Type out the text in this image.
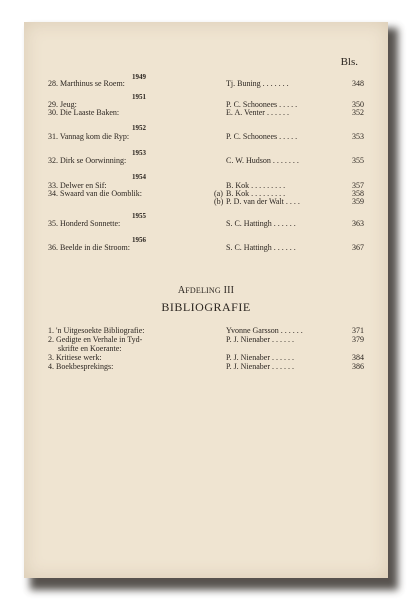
Bls.
1949
28. Marthinus se Roem:	Tj. Buning . . . . . . .	348
1951
29. Jeug:	P. C. Schoonees . . . . .	350
30. Die Laaste Baken:	E. A. Venter . . . . . .	352
1952
31. Vannag kom die Ryp:	P. C. Schoonees . . . . .	353
1953
32. Dirk se Oorwinning:	C. W. Hudson . . . . . . .	355
1954
33. Delwer en Sif:	B. Kok . . . . . . . . .	357
34. Swaard van die Oomblik:	(a) B. Kok . . . . . . . . .	358
(b) P. D. van der Walt . . . .	359
1955
35. Honderd Sonnette:	S. C. Hattingh . . . . . .	363
1956
36. Beelde in die Stroom:	S. C. Hattingh . . . . . .	367
AFDELING III
BIBLIOGRAFIE
1. 'n Uitgesoekte Bibliografie:	Yvonne Garsson . . . . . .	371
2. Gedigte en Verhale in Tyd-	P. J. Nienaber . . . . . .	379
skrifte en Koerante:
3. Kritiese werk:	P. J. Nienaber . . . . . .	384
4. Boekbesprekings:	P. J. Nienaber . . . . . .	386
